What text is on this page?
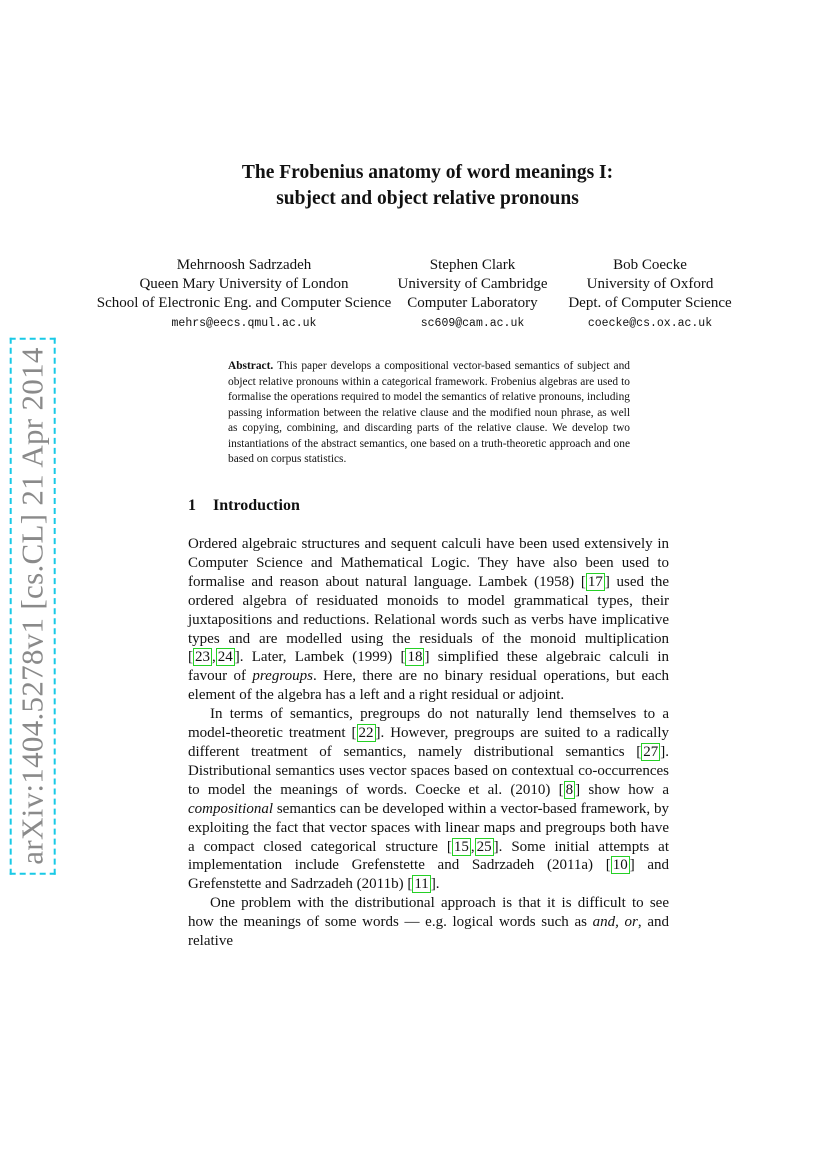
arXiv:1404.5278v1 [cs.CL] 21 Apr 2014
The Frobenius anatomy of word meanings I:
subject and object relative pronouns
Mehrnoosh Sadrzadeh
Queen Mary University of London
School of Electronic Eng. and Computer Science
mehrs@eecs.qmul.ac.uk
Stephen Clark
University of Cambridge
Computer Laboratory
sc609@cam.ac.uk
Bob Coecke
University of Oxford
Dept. of Computer Science
coecke@cs.ox.ac.uk
Abstract. This paper develops a compositional vector-based semantics of subject and object relative pronouns within a categorical framework. Frobenius algebras are used to formalise the operations required to model the semantics of relative pronouns, including passing information between the relative clause and the modified noun phrase, as well as copying, combining, and discarding parts of the relative clause. We develop two instantiations of the abstract semantics, one based on a truth-theoretic approach and one based on corpus statistics.
1 Introduction

Ordered algebraic structures and sequent calculi have been used extensively in Computer Science and Mathematical Logic. They have also been used to formalise and reason about natural language. Lambek (1958) [ 17 ] used the ordered algebra of residuated monoids to model grammatical types, their juxtapositions and reductions. Relational words such as verbs have implicative types and are modelled using the residuals of the monoid multiplication [ 23 , 24 ]. Later, Lambek (1999) [ 18 ] simplified these algebraic calculi in favour of pregroups. Here, there are no binary residual operations, but each element of the algebra has a left and a right residual or adjoint.

In terms of semantics, pregroups do not naturally lend themselves to a model-theoretic treatment [ 22 ]. However, pregroups are suited to a radically different treatment of semantics, namely distributional semantics [ 27 ]. Distributional semantics uses vector spaces based on contextual co-occurrences to model the meanings of words. Coecke et al. (2010) [ 8 ] show how a compositional semantics can be developed within a vector-based framework, by exploiting the fact that vector spaces with linear maps and pregroups both have a compact closed categorical structure [ 15 , 25 ]. Some initial attempts at implementation include Grefenstette and Sadrzadeh (2011a) [ 10 ] and Grefenstette and Sadrzadeh (2011b) [ 11 ].

One problem with the distributional approach is that it is difficult to see how the meanings of some words — e.g. logical words such as and, or, and relative
